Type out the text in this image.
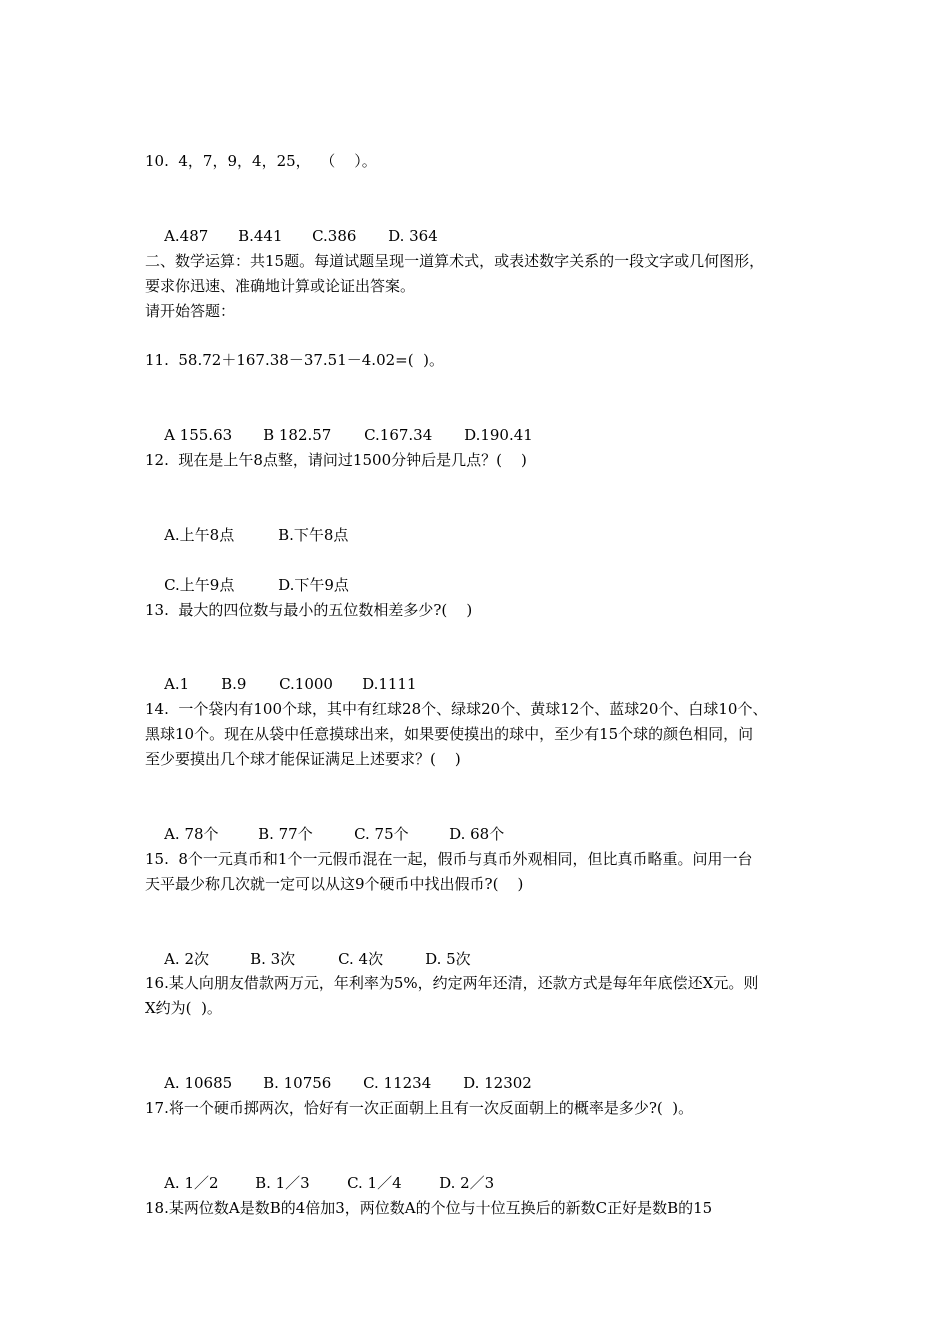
10.  4，7，9，4，25，  （    ）。

A.487 B.441 C.386 D. 364

二、数学运算：共15题。每道试题呈现一道算术式，或表述数字关系的一段文字或几何图形，
要求你迅速、准确地计算或论证出答案。
请开始答题：
11.  58.72＋167.38－37.51－4.02=(  )。

A 155.63 B 182.57 C.167.34 D.190.41

12.  现在是上午8点整，请问过1500分钟后是几点？(    )

A.上午8点	B.下午8点

C.上午9点	D.下午9点

13.  最大的四位数与最小的五位数相差多少?(    )

A.1 B.9 C.1000 D.1111

14.  一个袋内有100个球，其中有红球28个、绿球20个、黄球12个、蓝球20个、白球10个、
黑球10个。现在从袋中任意摸球出来，如果要使摸出的球中，至少有15个球的颜色相同，问
至少要摸出几个球才能保证满足上述要求？(    )

A. 78个	B. 77个	C. 75个	D. 68个

15.  8个一元真币和1个一元假币混在一起，假币与真币外观相同，但比真币略重。问用一台
天平最少称几次就一定可以从这9个硬币中找出假币?(    )

A. 2次	B. 3次	C. 4次	D. 5次

16.某人向朋友借款两万元，年利率为5%，约定两年还清，还款方式是每年年底偿还X元。则
X约为(  )。

A. 10685 B. 10756 C. 11234 D. 12302

17.将一个硬币掷两次，恰好有一次正面朝上且有一次反面朝上的概率是多少?(  )。

A. 1／2 B. 1／3 C. 1／4 D. 2／3

18.某两位数A是数B的4倍加3，两位数A的个位与十位互换后的新数C正好是数B的15
